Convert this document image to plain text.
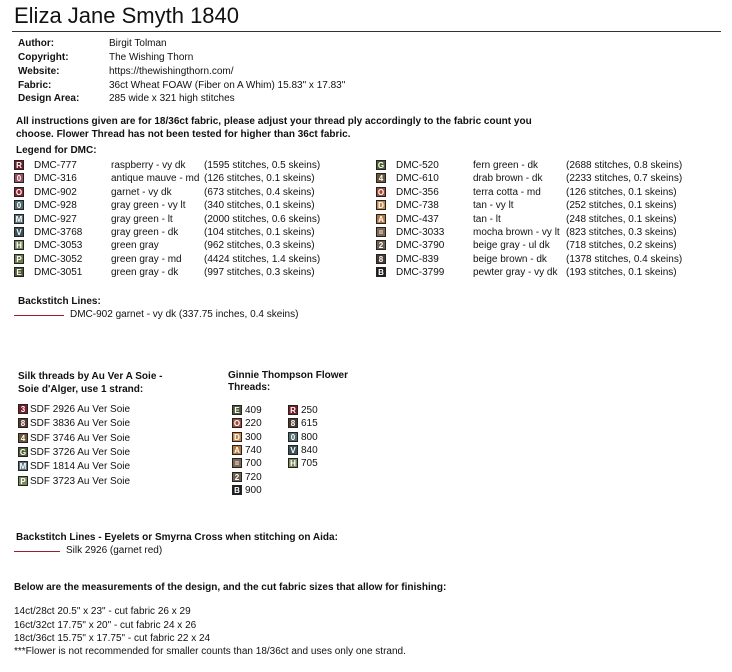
Eliza Jane Smyth 1840
Author:	Birgit Tolman
Copyright:	The Wishing Thorn
Website:	https://thewishingthorn.com/
Fabric:	36ct Wheat FOAW (Fiber on A Whim) 15.83" x 17.83"
Design Area:	285 wide x 321 high stitches
All instructions given are for 18/36ct fabric, please adjust your thread ply accordingly to the fabric count you
choose. Flower Thread has not been tested for higher than 36ct fabric.
Legend for DMC:
R DMC-777	raspberry - vy dk (1595 stitches, 0.5 skeins)
0 DMC-316	antique mauve - md (126 stitches, 0.1 skeins)
O DMC-902	garnet - vy dk	(673 stitches, 0.4 skeins)
0 DMC-928	gray green - vy lt (340 stitches, 0.1 skeins)
M DMC-927	gray green - lt	(2000 stitches, 0.6 skeins)
V DMC-3768	gray green - dk	(104 stitches, 0.1 skeins)
H DMC-3053	green gray	(962 stitches, 0.3 skeins)
P DMC-3052	green gray - md (4424 stitches, 1.4 skeins)
E DMC-3051	green gray - dk	(997 stitches, 0.3 skeins)
G DMC-520	fern green - dk	(2688 stitches, 0.8 skeins)
4 DMC-610	drab brown - dk (2233 stitches, 0.7 skeins)
O DMC-356	terra cotta - md	(126 stitches, 0.1 skeins)
D DMC-738	tan - vy lt	(252 stitches, 0.1 skeins)
A DMC-437	tan - lt	(248 stitches, 0.1 skeins)
= DMC-3033	mocha brown - vy lt (823 stitches, 0.3 skeins)
2 DMC-3790	beige gray - ul dk (718 stitches, 0.2 skeins)
8 DMC-839	beige brown - dk (1378 stitches, 0.4 skeins)
B DMC-3799	pewter gray - vy dk (193 stitches, 0.1 skeins)
Backstitch Lines:
DMC-902 garnet - vy dk (337.75 inches, 0.4 skeins)
Silk threads by Au Ver A Soie -
Soie d'Alger, use 1 strand:
3 SDF 2926 Au Ver Soie
8 SDF 3836 Au Ver Soie
4 SDF 3746 Au Ver Soie
G SDF 3726 Au Ver Soie
M SDF 1814 Au Ver Soie
P SDF 3723 Au Ver Soie
Ginnie Thompson Flower
Threads:
E 409
O 220
D 300
A 740
= 700
2 720
B 900
R 250
8 615
0 800
V 840
H 705
Backstitch Lines - Eyelets or Smyrna Cross when stitching on Aida:
Silk 2926 (garnet red)
Below are the measurements of the design, and the cut fabric sizes that allow for finishing:
14ct/28ct 20.5" x 23" - cut fabric 26 x 29
16ct/32ct 17.75" x 20" - cut fabric 24 x 26
18ct/36ct 15.75" x 17.75" - cut fabric 22 x 24
***Flower is not recommended for smaller counts than 18/36ct and uses only one strand.
